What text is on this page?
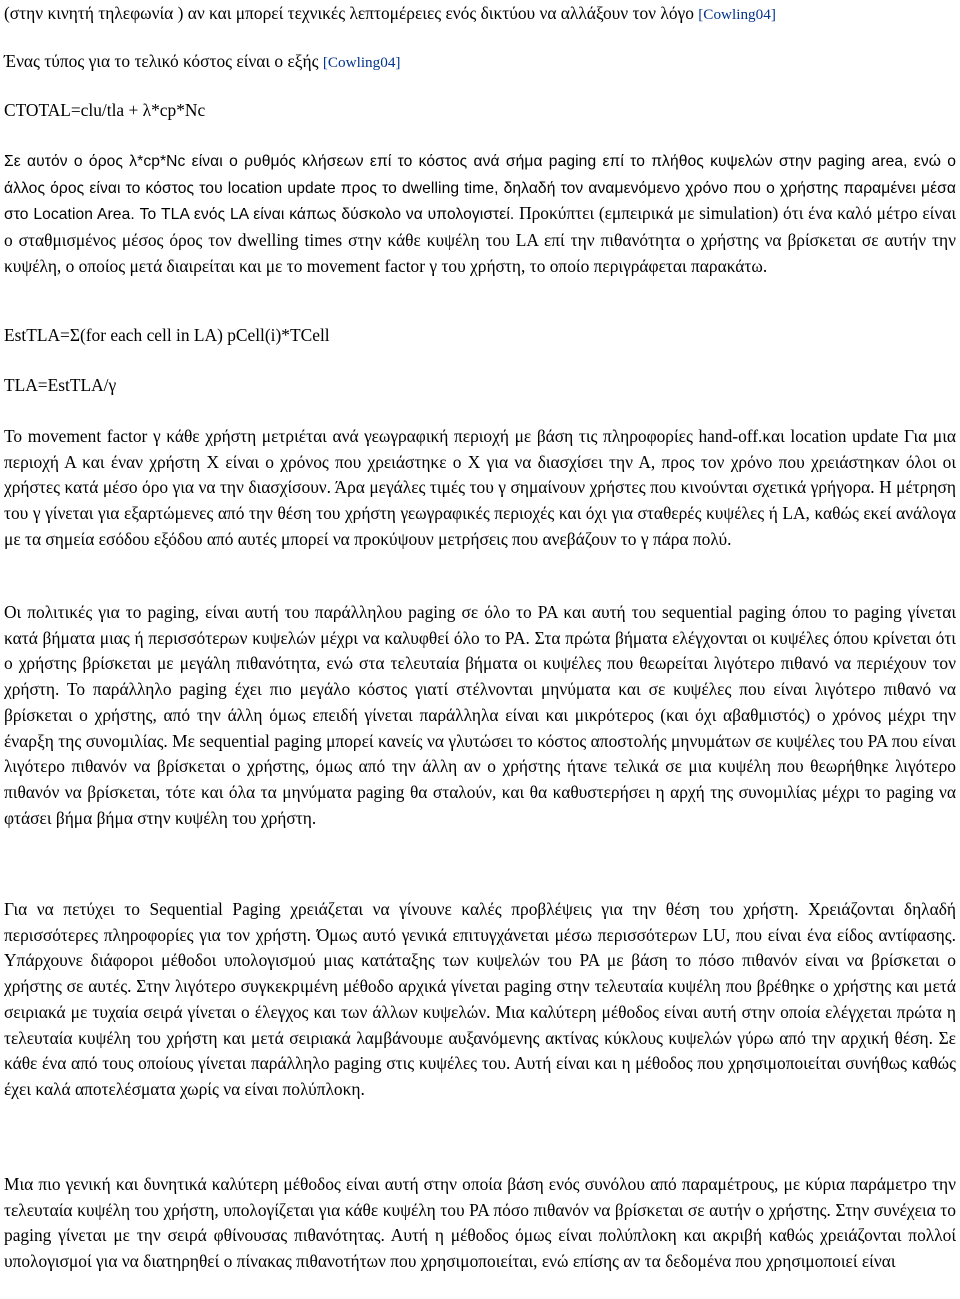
(στην κινητή τηλεφωνία ) αν και μπορεί τεχνικές λεπτομέρειες ενός δικτύου να αλλάξουν τον λόγο [Cowling04]

Ένας τύπος για το τελικό κόστος είναι ο εξής [Cowling04]

CTOTAL=clu/tla + λ*cp*Nc

Σε αυτόν ο όρος λ*cp*Nc είναι ο ρυθμός κλήσεων επί το κόστος ανά σήμα paging επί το πλήθος κυψελών στην paging area, ενώ ο άλλος όρος είναι το κόστος του location update προς το dwelling time, δηλαδή τον αναμενόμενο χρόνο που ο χρήστης παραμένει μέσα στο Location Area. Το TLA ενός LA είναι κάπως δύσκολο να υπολογιστεί. Προκύπτει (εμπειρικά με simulation) ότι ένα καλό μέτρο είναι ο σταθμισμένος μέσος όρος τον dwelling times στην κάθε κυψέλη του LA επί την πιθανότητα ο χρήστης να βρίσκεται σε αυτήν την κυψέλη, ο οποίος μετά διαιρείται και με το movement factor γ του χρήστη, το οποίο περιγράφεται παρακάτω.

EstTLA=Σ(for each cell in LA) pCell(i)*TCell

TLA=EstTLA/γ

Το movement factor γ κάθε χρήστη μετριέται ανά γεωγραφική περιοχή με βάση τις πληροφορίες hand-off.και location update Για μια περιοχή Α και έναν χρήστη Χ είναι ο χρόνος που χρειάστηκε ο Χ για να διασχίσει την Α, προς τον χρόνο που χρειάστηκαν όλοι οι χρήστες κατά μέσο όρο για να την διασχίσουν. Άρα μεγάλες τιμές του γ σημαίνουν χρήστες που κινούνται σχετικά γρήγορα. Η μέτρηση του γ γίνεται για εξαρτώμενες από την θέση του χρήστη γεωγραφικές περιοχές και όχι για σταθερές κυψέλες ή LA, καθώς εκεί ανάλογα με τα σημεία εσόδου εξόδου από αυτές μπορεί να προκύψουν μετρήσεις που ανεβάζουν το γ πάρα πολύ.

Οι πολιτικές για το paging, είναι αυτή του παράλληλου paging σε όλο το PA και αυτή του sequential paging όπου το paging γίνεται κατά βήματα μιας ή περισσότερων κυψελών μέχρι να καλυφθεί όλο το PA. Στα πρώτα βήματα ελέγχονται οι κυψέλες όπου κρίνεται ότι ο χρήστης βρίσκεται με μεγάλη πιθανότητα, ενώ στα τελευταία βήματα οι κυψέλες που θεωρείται λιγότερο πιθανό να περιέχουν τον χρήστη. Το παράλληλο paging έχει πιο μεγάλο κόστος γιατί στέλνονται μηνύματα και σε κυψέλες που είναι λιγότερο πιθανό να βρίσκεται ο χρήστης, από την άλλη όμως επειδή γίνεται παράλληλα είναι και μικρότερος (και όχι αβαθμιστός) ο χρόνος μέχρι την έναρξη της συνομιλίας. Με sequential paging μπορεί κανείς να γλυτώσει το κόστος αποστολής μηνυμάτων σε κυψέλες του PA που είναι λιγότερο πιθανόν να βρίσκεται ο χρήστης, όμως από την άλλη αν ο χρήστης ήτανε τελικά σε μια κυψέλη που θεωρήθηκε λιγότερο πιθανόν να βρίσκεται, τότε και όλα τα μηνύματα paging θα σταλούν, και θα καθυστερήσει η αρχή της συνομιλίας μέχρι το paging να φτάσει βήμα βήμα στην κυψέλη του χρήστη.

Για να πετύχει το Sequential Paging χρειάζεται να γίνουνε καλές προβλέψεις για την θέση του χρήστη. Χρειάζονται δηλαδή περισσότερες πληροφορίες για τον χρήστη. Όμως αυτό γενικά επιτυγχάνεται μέσω περισσότερων LU, που είναι ένα είδος αντίφασης. Υπάρχουνε διάφοροι μέθοδοι υπολογισμού μιας κατάταξης των κυψελών του PA με βάση το πόσο πιθανόν είναι να βρίσκεται ο χρήστης σε αυτές. Στην λιγότερο συγκεκριμένη μέθοδο αρχικά γίνεται paging στην τελευταία κυψέλη που βρέθηκε ο χρήστης και μετά σειριακά με τυχαία σειρά γίνεται ο έλεγχος και των άλλων κυψελών. Μια καλύτερη μέθοδος είναι αυτή στην οποία ελέγχεται πρώτα η τελευταία κυψέλη του χρήστη και μετά σειριακά λαμβάνουμε αυξανόμενης ακτίνας κύκλους κυψελών γύρω από την αρχική θέση. Σε κάθε ένα από τους οποίους γίνεται παράλληλο paging στις κυψέλες του. Αυτή είναι και η μέθοδος που χρησιμοποιείται συνήθως καθώς έχει καλά αποτελέσματα χωρίς να είναι πολύπλοκη.

Μια πιο γενική και δυνητικά καλύτερη μέθοδος είναι αυτή στην οποία βάση ενός συνόλου από παραμέτρους, με κύρια παράμετρο την τελευταία κυψέλη του χρήστη, υπολογίζεται για κάθε κυψέλη του PA πόσο πιθανόν να βρίσκεται σε αυτήν ο χρήστης. Στην συνέχεια το paging γίνεται με την σειρά φθίνουσας πιθανότητας. Αυτή η μέθοδος όμως είναι πολύπλοκη και ακριβή καθώς χρειάζονται πολλοί υπολογισμοί για να διατηρηθεί ο πίνακας πιθανοτήτων που χρησιμοποιείται, ενώ επίσης αν τα δεδομένα που χρησιμοποιεί είναι
